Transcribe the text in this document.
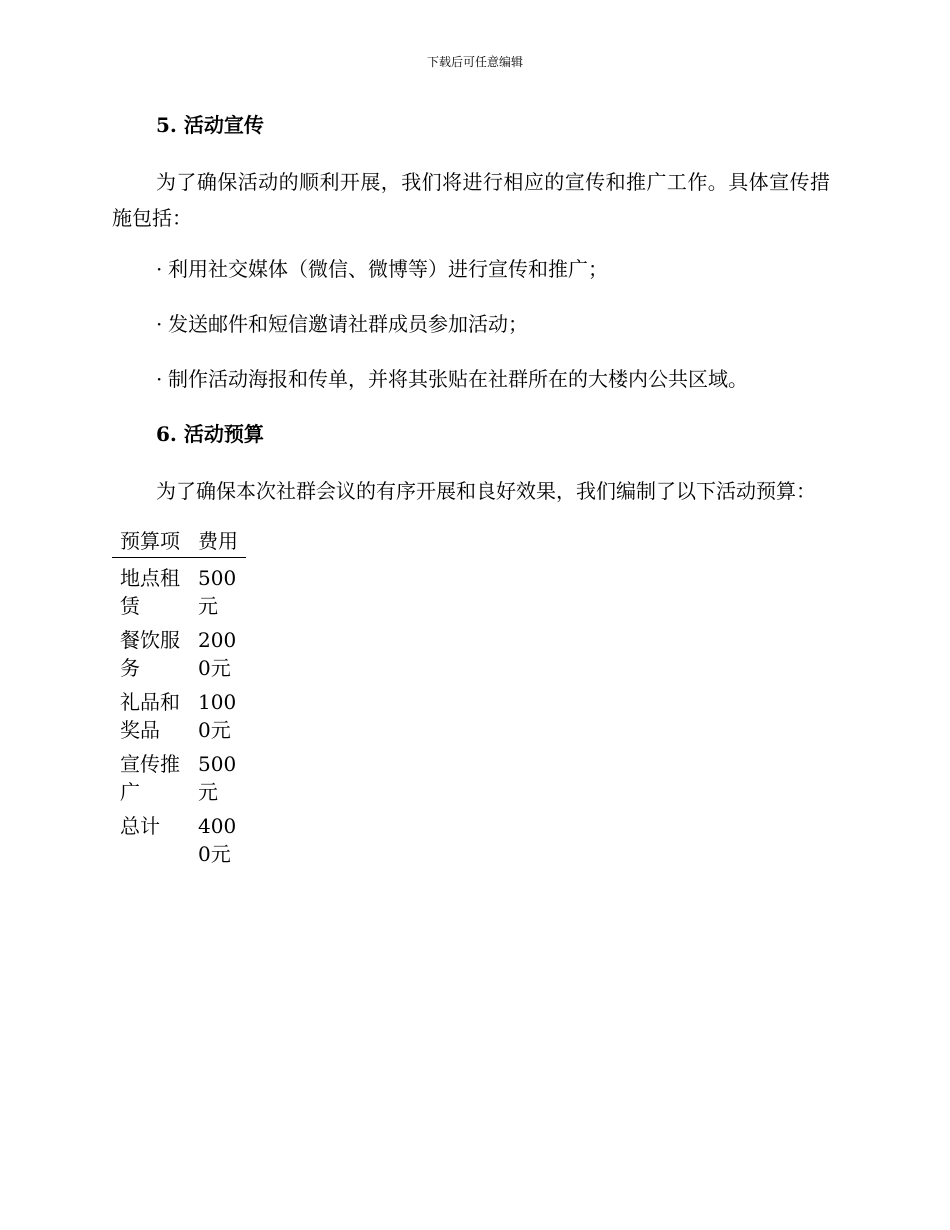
下载后可任意编辑
5. 活动宣传

为了确保活动的顺利开展，我们将进行相应的宣传和推广工作。具体宣传措施包括：

· 利用社交媒体（微信、微博等）进行宣传和推广；
· 发送邮件和短信邀请社群成员参加活动；
· 制作活动海报和传单，并将其张贴在社群所在的大楼内公共区域。
6. 活动预算

为了确保本次社群会议的有序开展和良好效果，我们编制了以下活动预算：

预算项	费用

地点租赁	500元

餐饮服务	2000元

礼品和奖品	1000元

宣传推广	500元

总计	4000元
